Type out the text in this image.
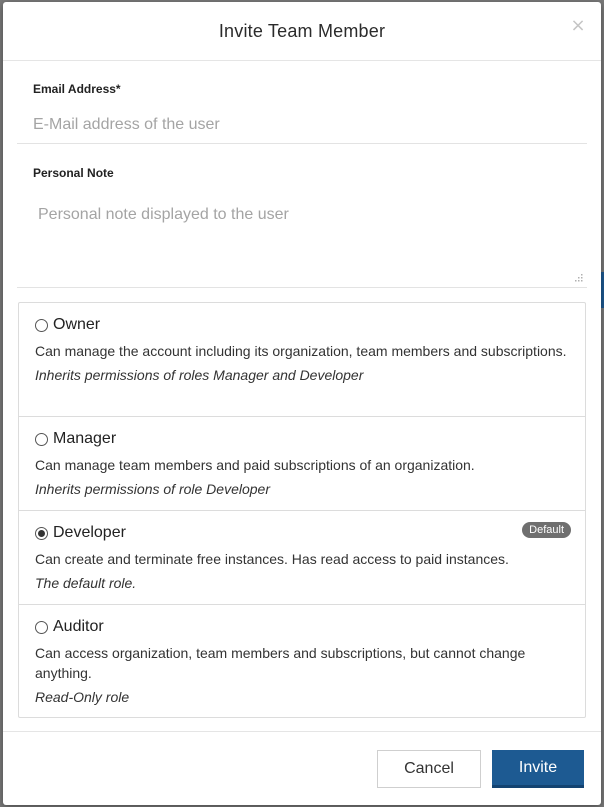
Invite Team Member	×
Email Address*
E-Mail address of the user
Personal Note
Personal note displayed to the user
Owner
Can manage the account including its organization, team members and subscriptions.
Inherits permissions of roles Manager and Developer
Manager
Can manage team members and paid subscriptions of an organization.
Inherits permissions of role Developer
Developer	Default
Can create and terminate free instances. Has read access to paid instances.
The default role.
Auditor
Can access organization, team members and subscriptions, but cannot change anything.
Read-Only role
Cancel	Invite
